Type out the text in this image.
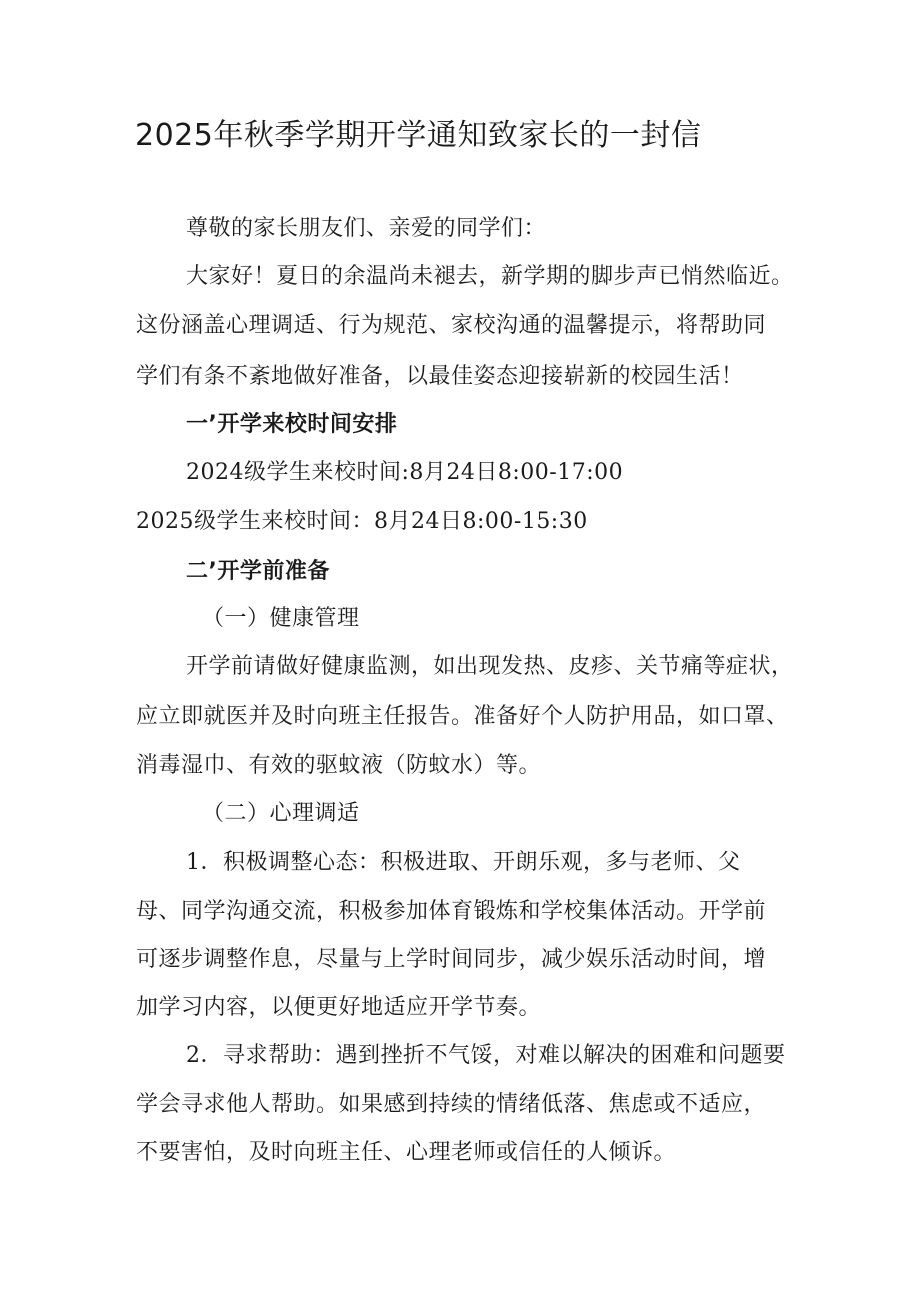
2025年秋季学期开学通知致家长的一封信
尊敬的家长朋友们、亲爱的同学们：
大家好！夏日的余温尚未褪去，新学期的脚步声已悄然临近。
这份涵盖心理调适、行为规范、家校沟通的温馨提示，将帮助同
学们有条不紊地做好准备，以最佳姿态迎接崭新的校园生活！
一’开学来校时间安排
2024级学生来校时间:8月24日8:00-17:00
2025级学生来校时间：8月24日8:00-15:30
二’开学前准备
（一）健康管理
开学前请做好健康监测，如出现发热、皮疹、关节痛等症状，
应立即就医并及时向班主任报告。准备好个人防护用品，如口罩、
消毒湿巾、有效的驱蚊液（防蚊水）等。
（二）心理调适
1．积极调整心态：积极进取、开朗乐观，多与老师、父
母、同学沟通交流，积极参加体育锻炼和学校集体活动。开学前
可逐步调整作息，尽量与上学时间同步，减少娱乐活动时间，增
加学习内容，以便更好地适应开学节奏。
2．寻求帮助：遇到挫折不气馁，对难以解决的困难和问题要
学会寻求他人帮助。如果感到持续的情绪低落、焦虑或不适应，
不要害怕，及时向班主任、心理老师或信任的人倾诉。
